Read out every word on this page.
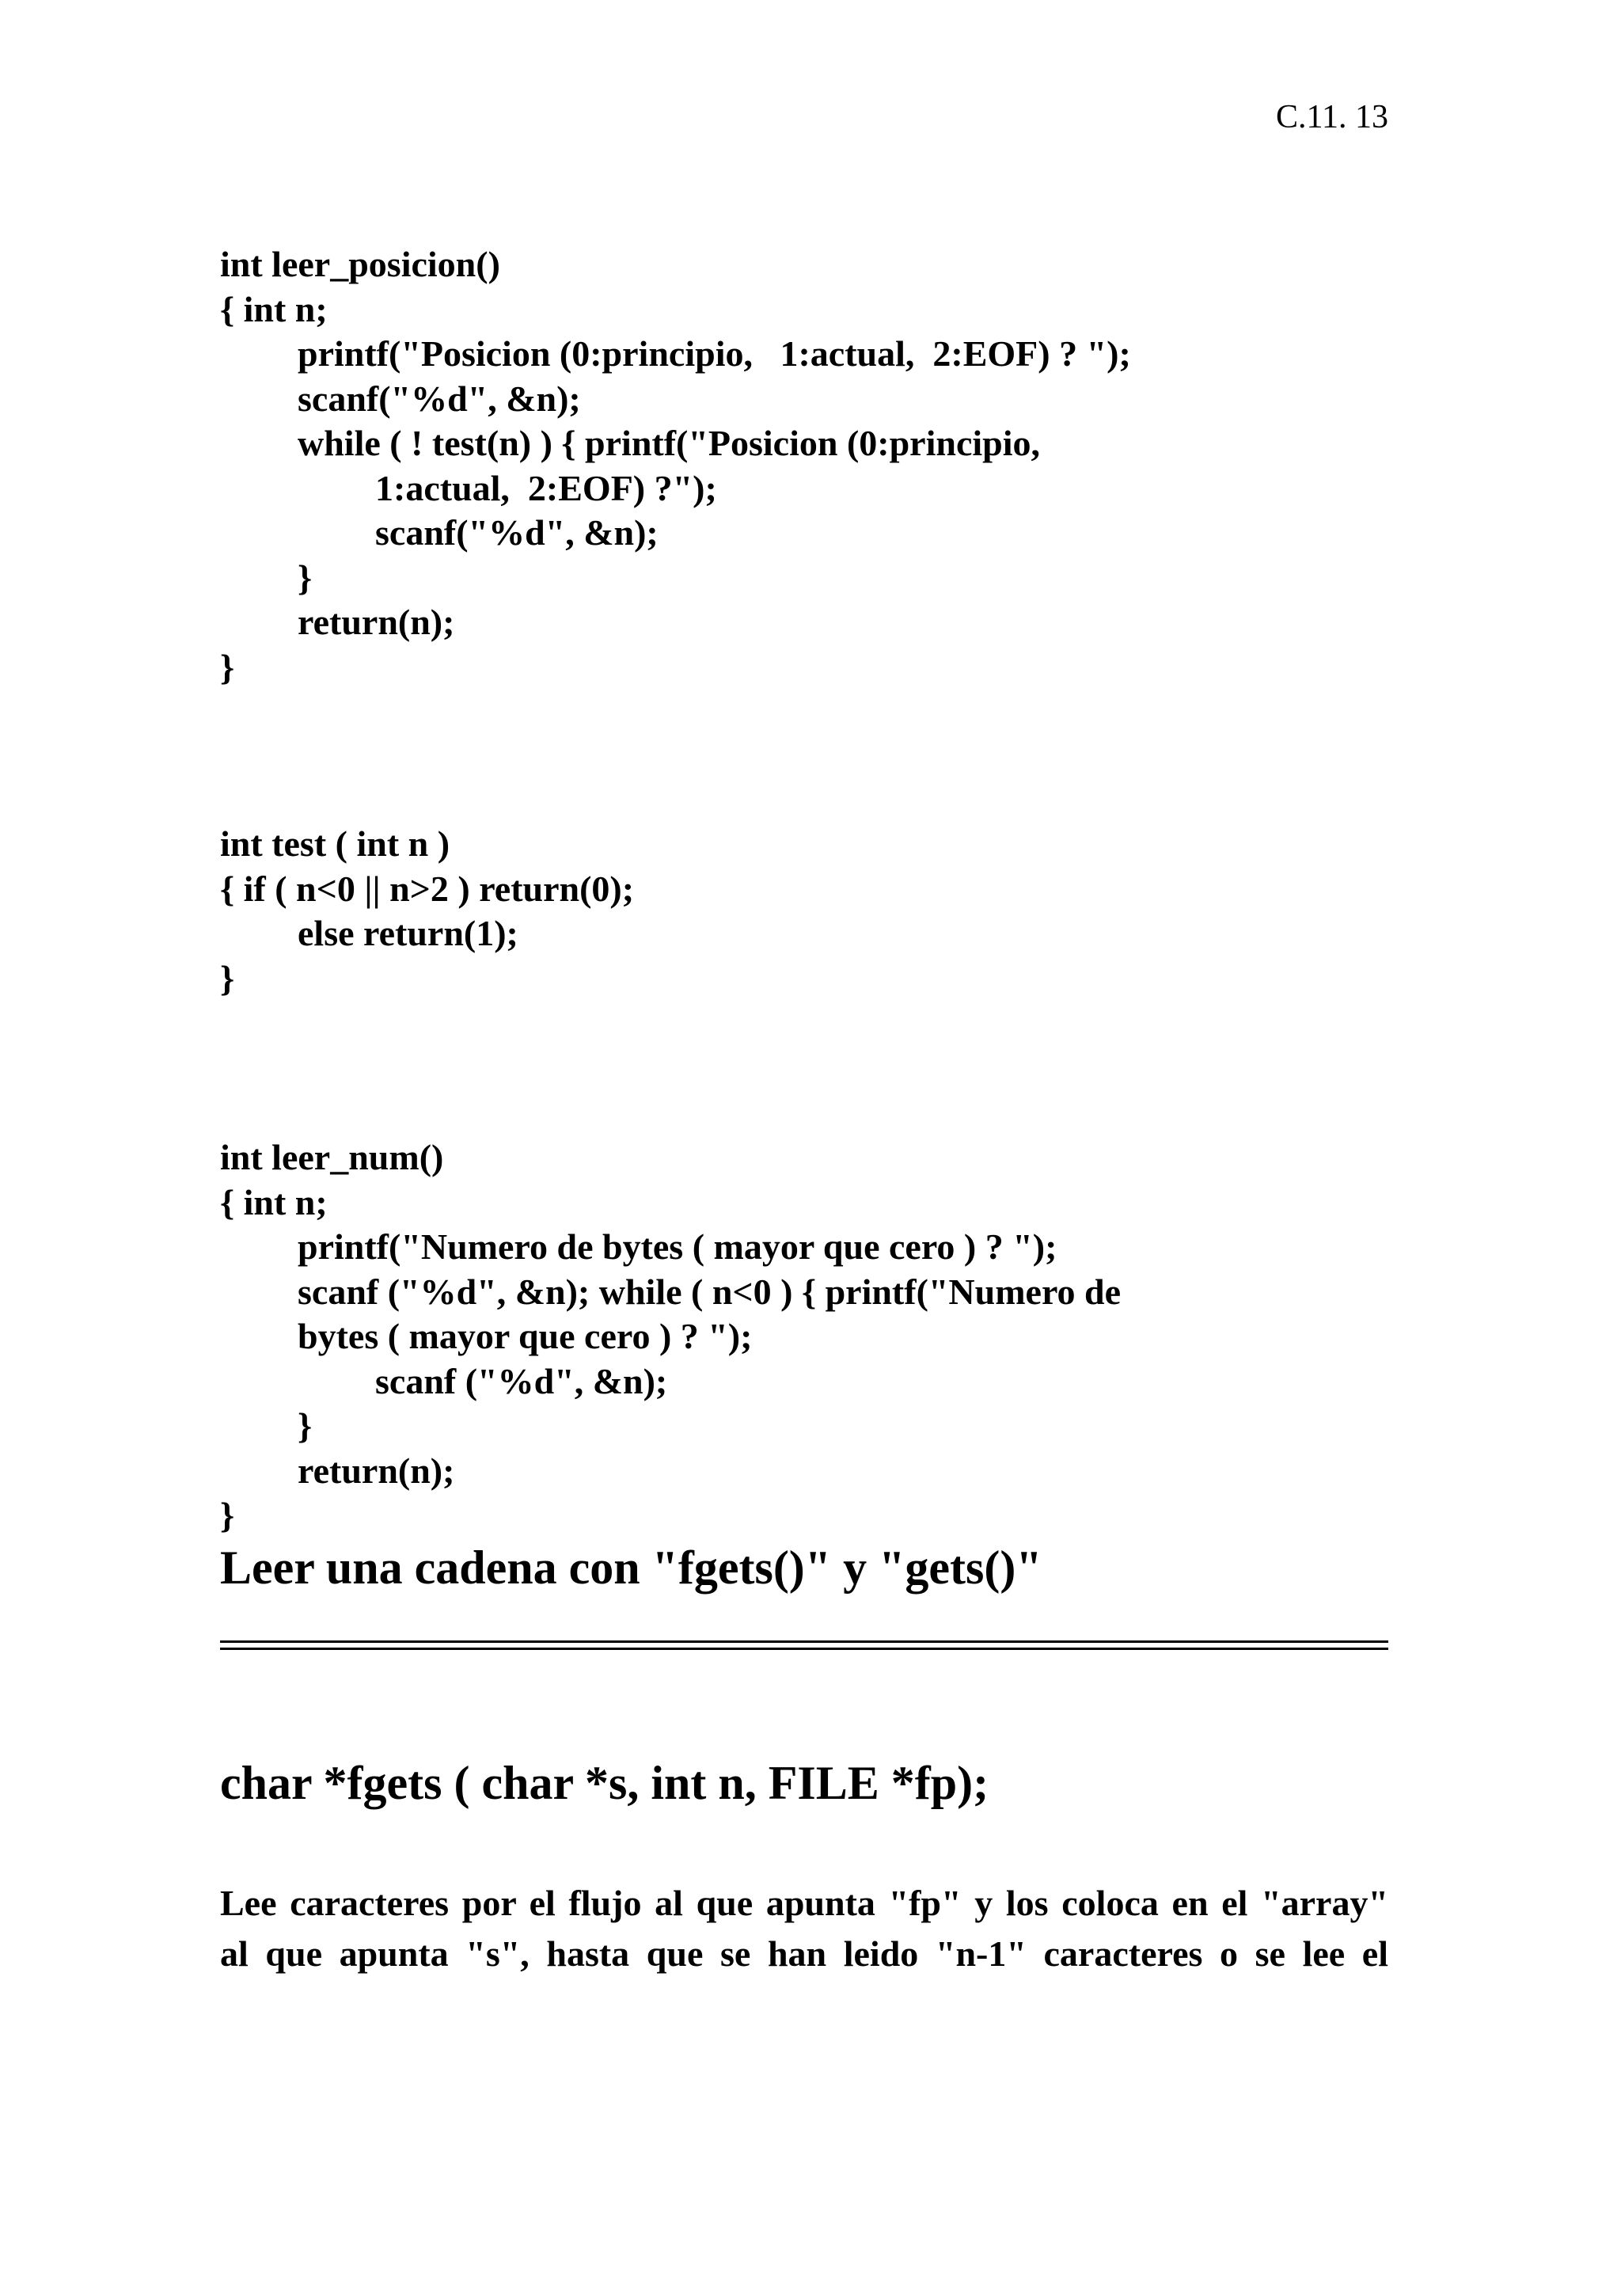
C.11. 13
int leer_posicion()
{ int n;
printf("Posicion (0:principio,   1:actual,  2:EOF) ? ");
scanf("%d", &n);
while ( ! test(n) ) { printf("Posicion (0:principio,
1:actual,  2:EOF) ?");
scanf("%d", &n);
}
return(n);
}
int test ( int n )
{ if ( n<0 || n>2 ) return(0);
else return(1);
}
int leer_num()
{ int n;
printf("Numero de bytes ( mayor que cero ) ? ");
scanf ("%d", &n); while ( n<0 ) { printf("Numero de
bytes ( mayor que cero ) ? ");
scanf ("%d", &n);
}
return(n);
}
Leer una cadena con "fgets()" y "gets()"
char *fgets ( char *s, int n, FILE *fp);
Lee caracteres por el flujo al que apunta "fp" y los coloca en el "array"
al que apunta "s", hasta que se han leido "n-1" caracteres o se lee el
